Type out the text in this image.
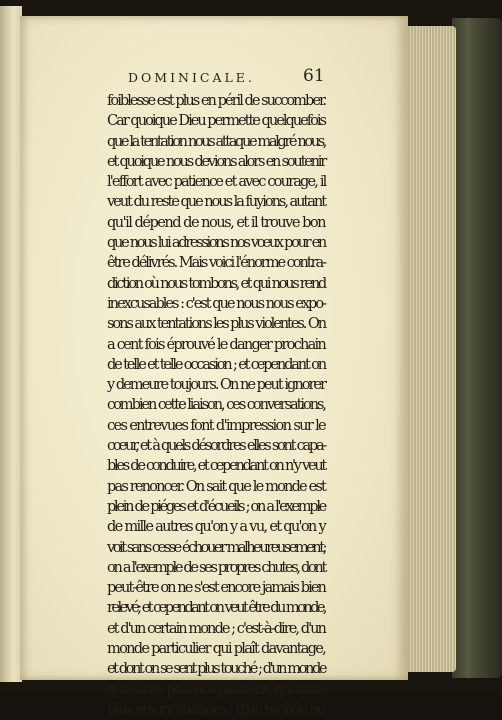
DOMINICALE.	61
foiblesse est plus en péril de succomber.
Car quoique Dieu permette quelquefois
que la tentation nous attaque malgré nous,
et quoique nous devions alors en soutenir
l'effort avec patience et avec courage, il
veut du reste que nous la fuyions, autant
qu'il dépend de nous, et il trouve bon
que nous lui adressions nos vœux pour en
être délivrés. Mais voici l'énorme contra-
diction où nous tombons, et qui nous rend
inexcusables : c'est que nous nous expo-
sons aux tentations les plus violentes. On
a cent fois éprouvé le danger prochain
de telle et telle occasion ; et cependant on
y demeure toujours. On ne peut ignorer
combien cette liaison, ces conversations,
ces entrevues font d'impression sur le
cœur, et à quels désordres elles sont capa-
bles de conduire, et cependant on n'y veut
pas renoncer. On sait que le monde est
plein de piéges et d'écueils ; on a l'exemple
de mille autres qu'on y a vu, et qu'on y
voit sans cesse échouer malheureusement;
on a l'exemple de ses propres chutes, dont
peut-être on ne s'est encore jamais bien
relevé; et cependant on veut être du monde,
et d'un certain monde ; c'est-à-dire, d'un
monde particulier qui plaît davantage,
et dont on se sent plus touché ; d'un monde
qui excite plus nos passions, qui flatte
plus nos inclinations ; d'un monde où
